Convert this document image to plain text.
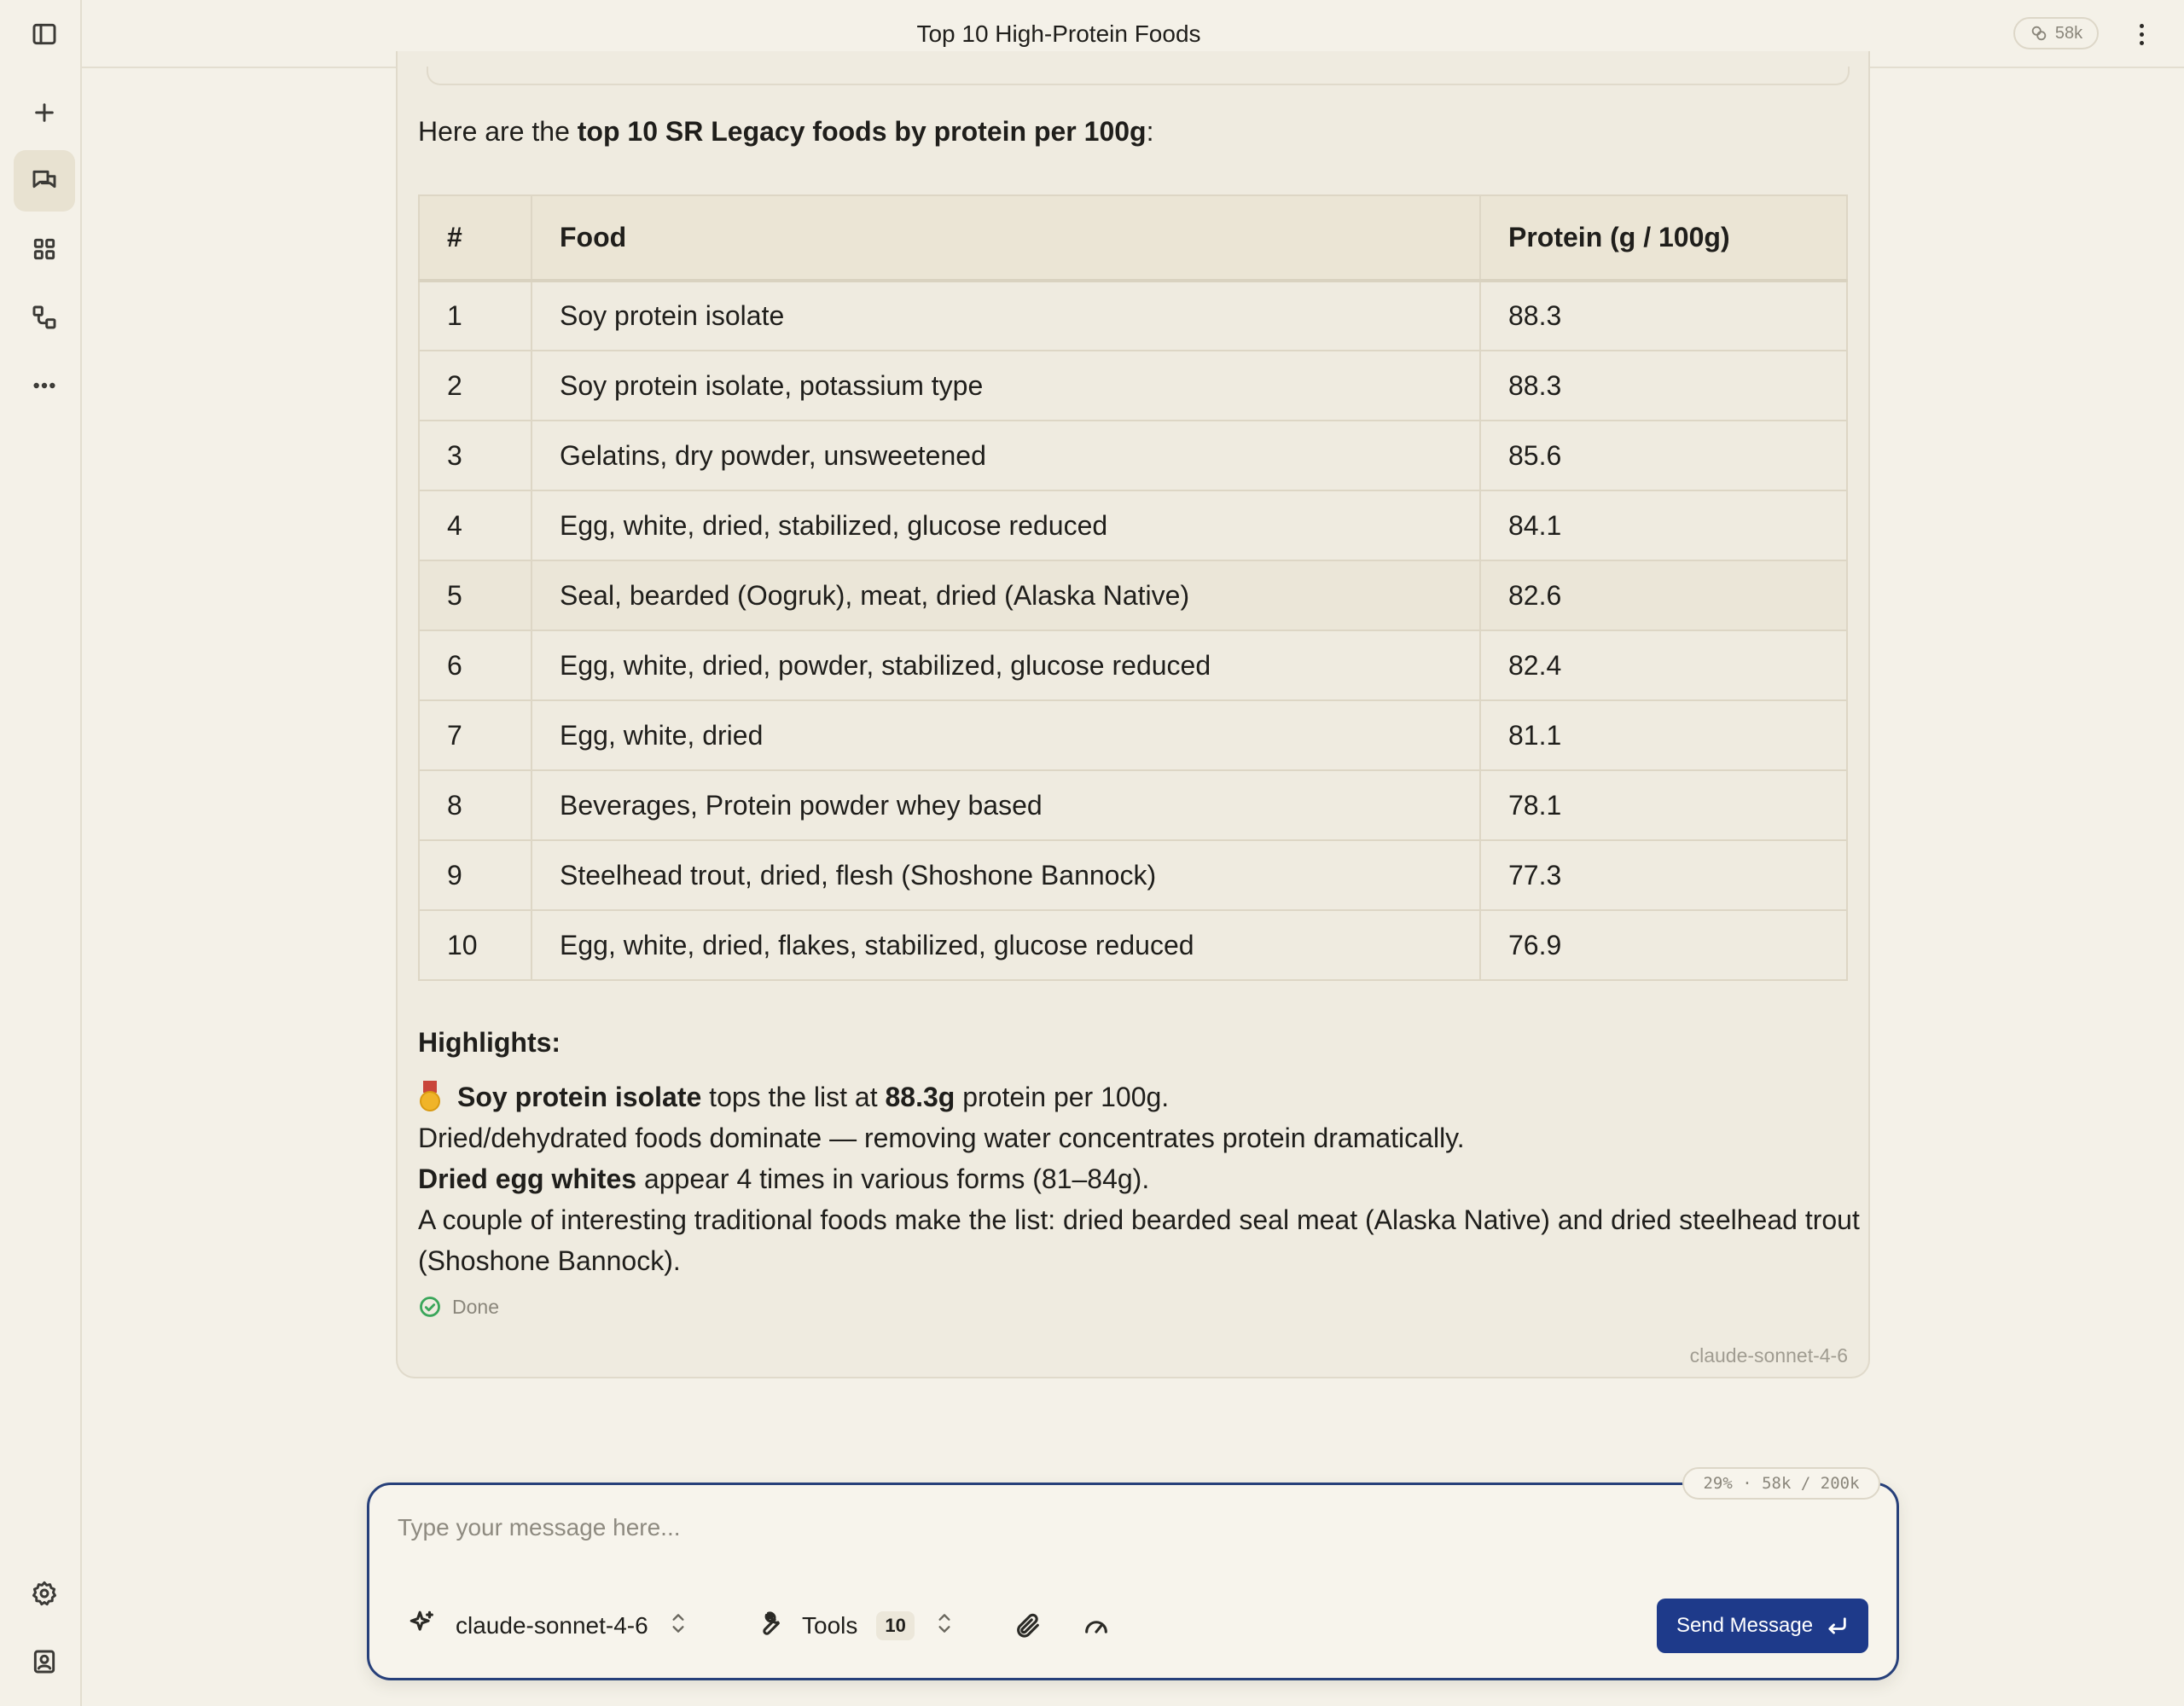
Top 10 High-Protein Foods	58k
Here are the top 10 SR Legacy foods by protein per 100g:
#	Food	Protein (g / 100g)
1	Soy protein isolate	88.3
2	Soy protein isolate, potassium type	88.3
3	Gelatins, dry powder, unsweetened	85.6
4	Egg, white, dried, stabilized, glucose reduced	84.1
5	Seal, bearded (Oogruk), meat, dried (Alaska Native)	82.6
6	Egg, white, dried, powder, stabilized, glucose reduced	82.4
7	Egg, white, dried	81.1
8	Beverages, Protein powder whey based	78.1
9	Steelhead trout, dried, flesh (Shoshone Bannock)	77.3
10	Egg, white, dried, flakes, stabilized, glucose reduced	76.9
Highlights:
Soy protein isolate tops the list at 88.3g protein per 100g.
Dried/dehydrated foods dominate — removing water concentrates protein dramatically.
Dried egg whites appear 4 times in various forms (81–84g).
A couple of interesting traditional foods make the list: dried bearded seal meat (Alaska Native) and dried steelhead trout (Shoshone Bannock).
Done
claude-sonnet-4-6
29% · 58k / 200k
Type your message here...
claude-sonnet-4-6	Tools	10	Send Message
